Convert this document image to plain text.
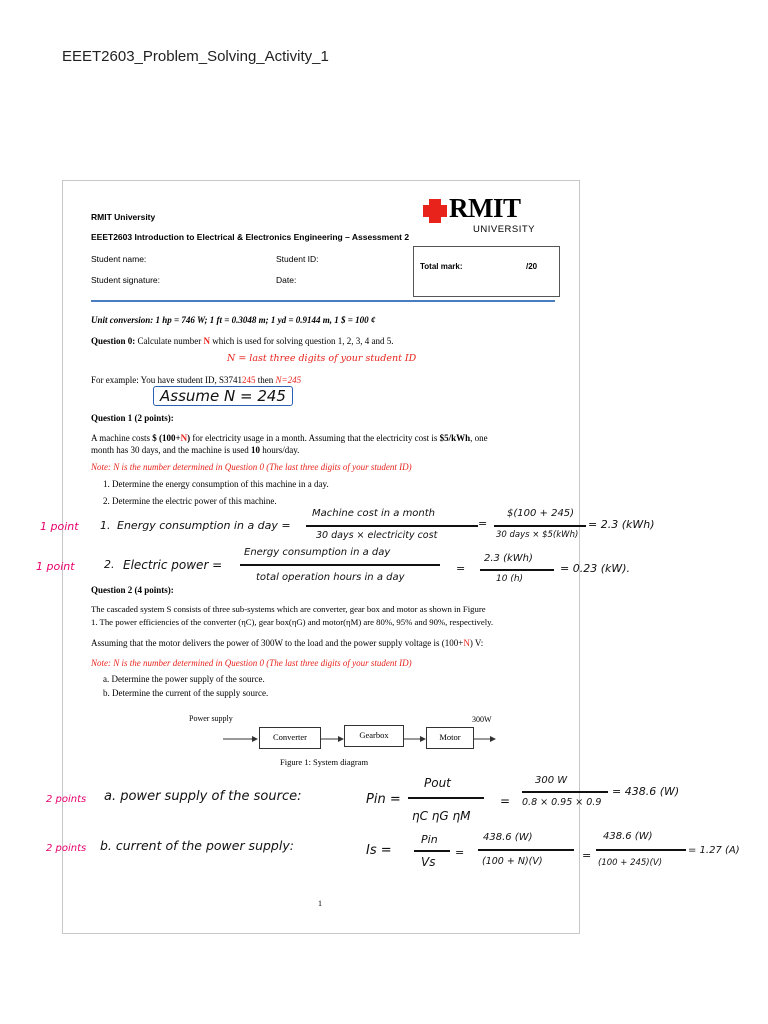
EEET2603_Problem_Solving_Activity_1
RMIT University
EEET2603 Introduction to Electrical & Electronics Engineering – Assessment 2
Student name:	Student ID:
Student signature:	Date:
RMIT
UNIVERSITY
Total mark:	/20
Unit conversion: 1 hp = 746 W; 1 ft = 0.3048 m; 1 yd = 0.9144 m, 1 $ = 100 ¢
Question 0: Calculate number N which is used for solving question 1, 2, 3, 4 and 5.
N = last three digits of your student ID
For example: You have student ID, S3741245 then N=245
Question 1 (2 points):
A machine costs $ (100+N) for electricity usage in a month. Assuming that the electricity cost is $5/kWh, one
month has 30 days, and the machine is used 10 hours/day.
Note: N is the number determined in Question 0 (The last three digits of your student ID)
1. Determine the energy consumption of this machine in a day.
2. Determine the electric power of this machine.
Question 2 (4 points):
The cascaded system S consists of three sub-systems which are converter, gear box and motor as shown in Figure
1. The power efficiencies of the converter (ηC), gear box(ηG) and motor(ηM) are 80%, 95% and 90%, respectively.
Assuming that the motor delivers the power of 300W to the load and the power supply voltage is (100+N) V:
Note: N is the number determined in Question 0 (The last three digits of your student ID)
a. Determine the power supply of the source.
b. Determine the current of the supply source.
Power supply	300W
Converter	Gearbox	Motor
Figure 1: System diagram
1
Assume N = 245
1 point 1. Energy consumption in a day =
Machine cost in a month
30 days × electricity cost
=
$(100 + 245)
30 days × $5(kWh)
= 2.3 (kWh)
1 point	2. Electric power =
Energy consumption in a day
total operation hours in a day
=
2.3 (kWh)
10 (h)
= 0.23 (kW).
2 points a. power supply of the source:	Pin =
Pout
ηC ηG ηM
=
300 W
0.8 × 0.95 × 0.9
= 438.6 (W)
2 points b. current of the power supply:	Is =
Pin
Vs
=
438.6 (W)
(100 + N)(V)	=
438.6 (W)
(100 + 245)(V)
= 1.27 (A)
